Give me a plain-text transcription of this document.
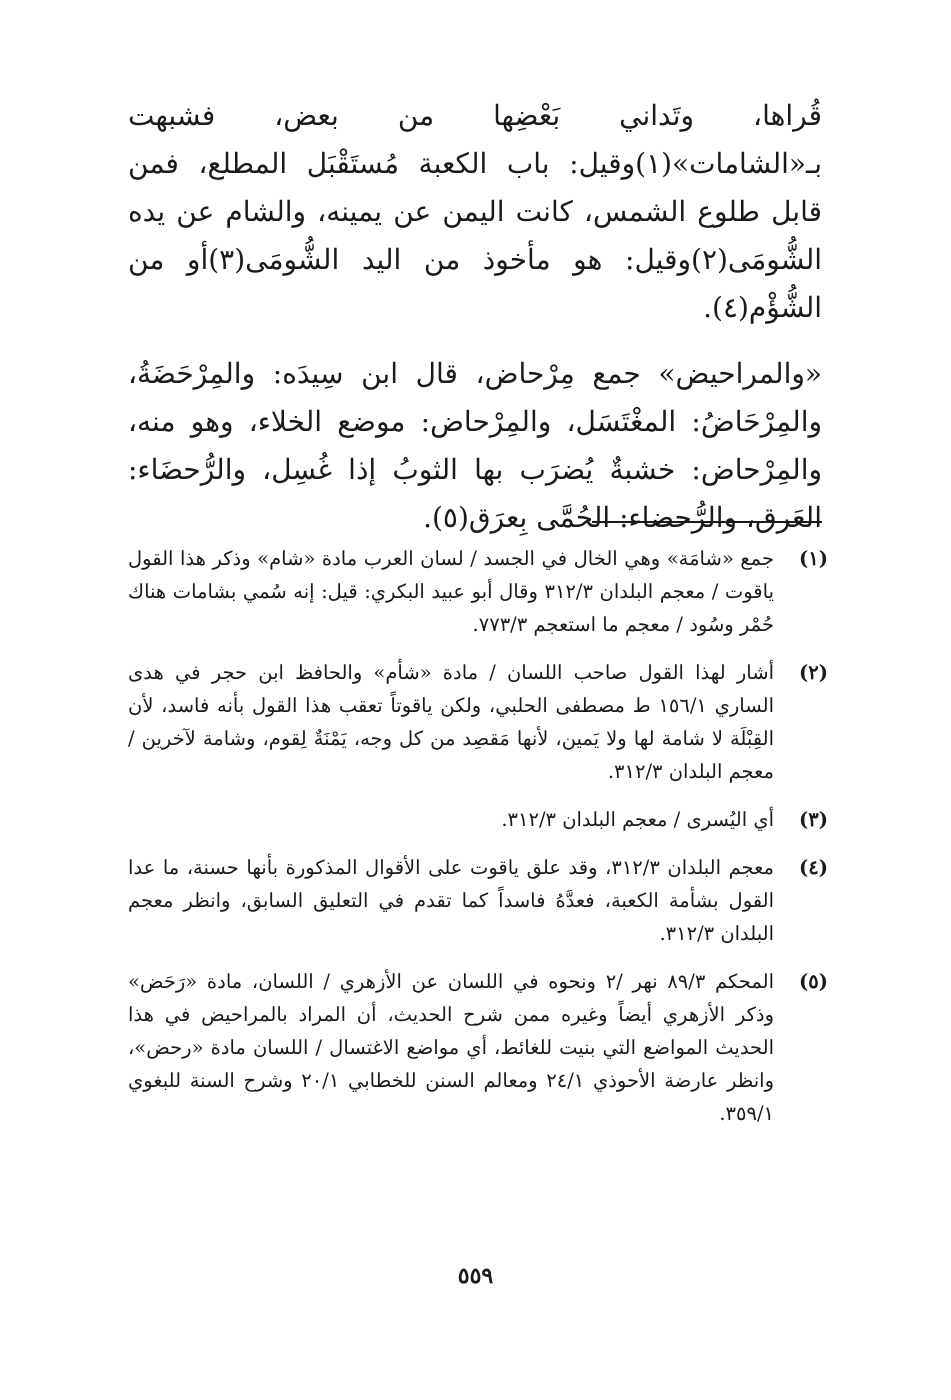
قُراها، وتَداني بَعْضِها من بعض، فشبهت بـ«الشامات»(١)وقيل: باب الكعبة مُستَقْبَل المطلع، فمن قابل طلوع الشمس، كانت اليمن عن يمينه، والشام عن يده الشُّومَى(٢)وقيل: هو مأخوذ من اليد الشُّومَى(٣)أو من الشُّؤْم(٤).

«والمراحيض» جمع مِرْحاض، قال ابن سِيدَه: والمِرْحَضَةُ، والمِرْحَاضُ: المغْتَسَل، والمِرْحاض: موضع الخلاء، وهو منه، والمِرْحاض: خشبةٌ يُضرَب بها الثوبُ إذا غُسِل، والرُّحضَاء: العَرق، والرُّحضاء: الحُمَّى بِعرَق(٥).

(١)
جمع «شامَة» وهي الخال في الجسد / لسان العرب مادة «شام» وذكر هذا القول ياقوت / معجم البلدان ٣١٢/٣ وقال أبو عبيد البكري: قيل: إنه سُمي بشامات هناك حُمْر وسُود / معجم ما استعجم ٧٧٣/٣.
(٢)
أشار لهذا القول صاحب اللسان / مادة «شأم» والحافظ ابن حجر في هدى الساري ١٥٦/١ ط مصطفى الحلبي، ولكن ياقوتاً تعقب هذا القول بأنه فاسد، لأن القِبْلَة لا شامة لها ولا يَمين، لأنها مَقصِد من كل وجه، يَمْنَةٌ لِقوم، وشامة لآخرين / معجم البلدان ٣١٢/٣.
(٣)
أي اليُسرى / معجم البلدان ٣١٢/٣.
(٤)
معجم البلدان ٣١٢/٣، وقد علق ياقوت على الأقوال المذكورة بأنها حسنة، ما عدا القول بشأمة الكعبة، فعدَّهُ فاسداً كما تقدم في التعليق السابق، وانظر معجم البلدان ٣١٢/٣.
(٥)
المحكم ٨٩/٣ نهر /٢ ونحوه في اللسان عن الأزهري / اللسان، مادة «رَحَض» وذكر الأزهري أيضاً وغيره ممن شرح الحديث، أن المراد بالمراحيض في هذا الحديث المواضع التي بنيت للغائط، أي مواضع الاغتسال / اللسان مادة «رحض»، وانظر عارضة الأحوذي ٢٤/١ ومعالم السنن للخطابي ٢٠/١ وشرح السنة للبغوي ٣٥٩/١.
٥٥٩
